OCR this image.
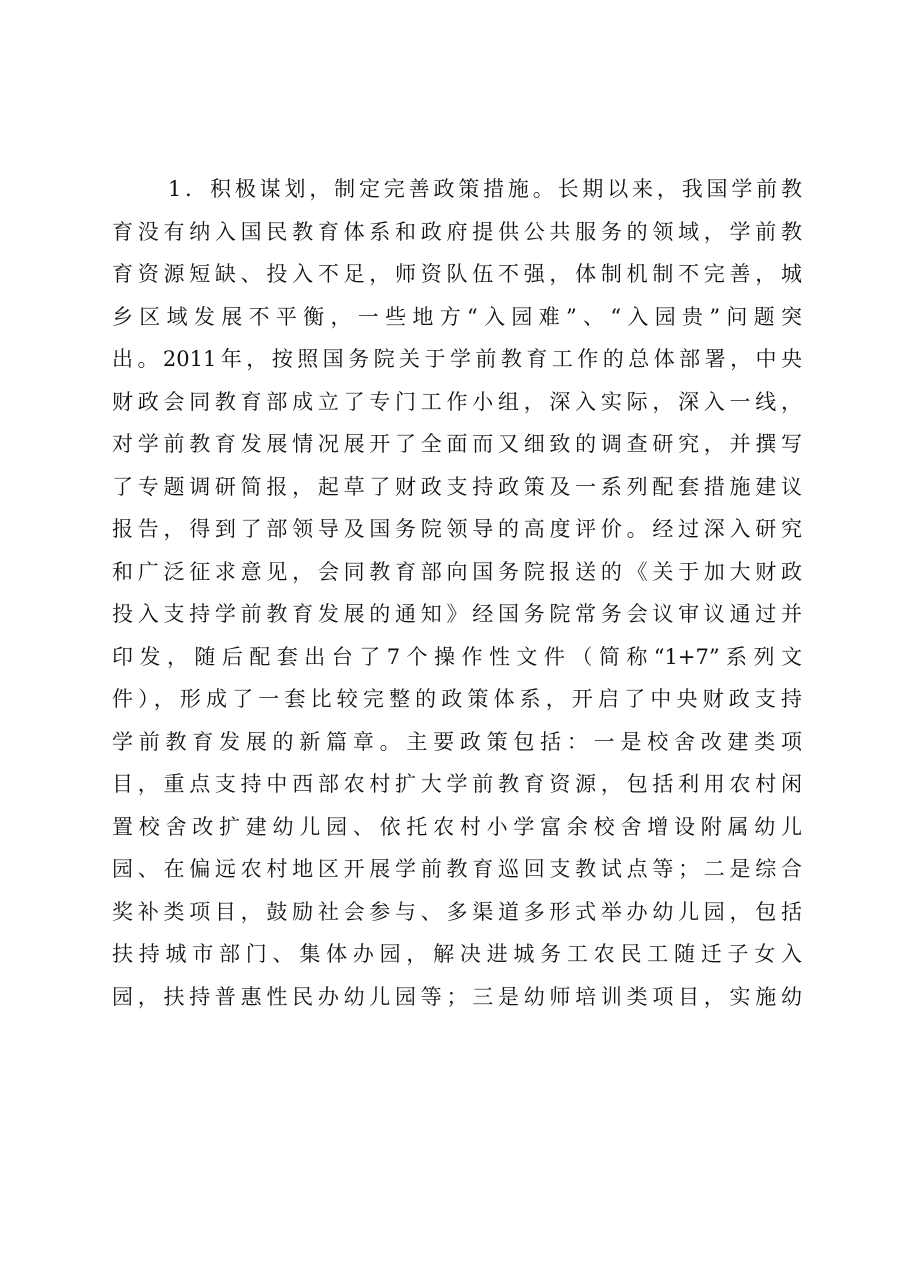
1．积极谋划，制定完善政策措施。长期以来，我国学前教
育没有纳入国民教育体系和政府提供公共服务的领域，学前教
育资源短缺、投入不足，师资队伍不强，体制机制不完善，城
乡区域发展不平衡，一些地方“入园难”、“入园贵”问题突
出。2011年，按照国务院关于学前教育工作的总体部署，中央
财政会同教育部成立了专门工作小组，深入实际，深入一线，
对学前教育发展情况展开了全面而又细致的调查研究，并撰写
了专题调研简报，起草了财政支持政策及一系列配套措施建议
报告，得到了部领导及国务院领导的高度评价。经过深入研究
和广泛征求意见，会同教育部向国务院报送的《关于加大财政
投入支持学前教育发展的通知》经国务院常务会议审议通过并
印发，随后配套出台了7个操作性文件（简称“1+7”系列文
件），形成了一套比较完整的政策体系，开启了中央财政支持
学前教育发展的新篇章。主要政策包括：一是校舍改建类项
目，重点支持中西部农村扩大学前教育资源，包括利用农村闲
置校舍改扩建幼儿园、依托农村小学富余校舍增设附属幼儿
园、在偏远农村地区开展学前教育巡回支教试点等；二是综合
奖补类项目，鼓励社会参与、多渠道多形式举办幼儿园，包括
扶持城市部门、集体办园，解决进城务工农民工随迁子女入
园，扶持普惠性民办幼儿园等；三是幼师培训类项目，实施幼
